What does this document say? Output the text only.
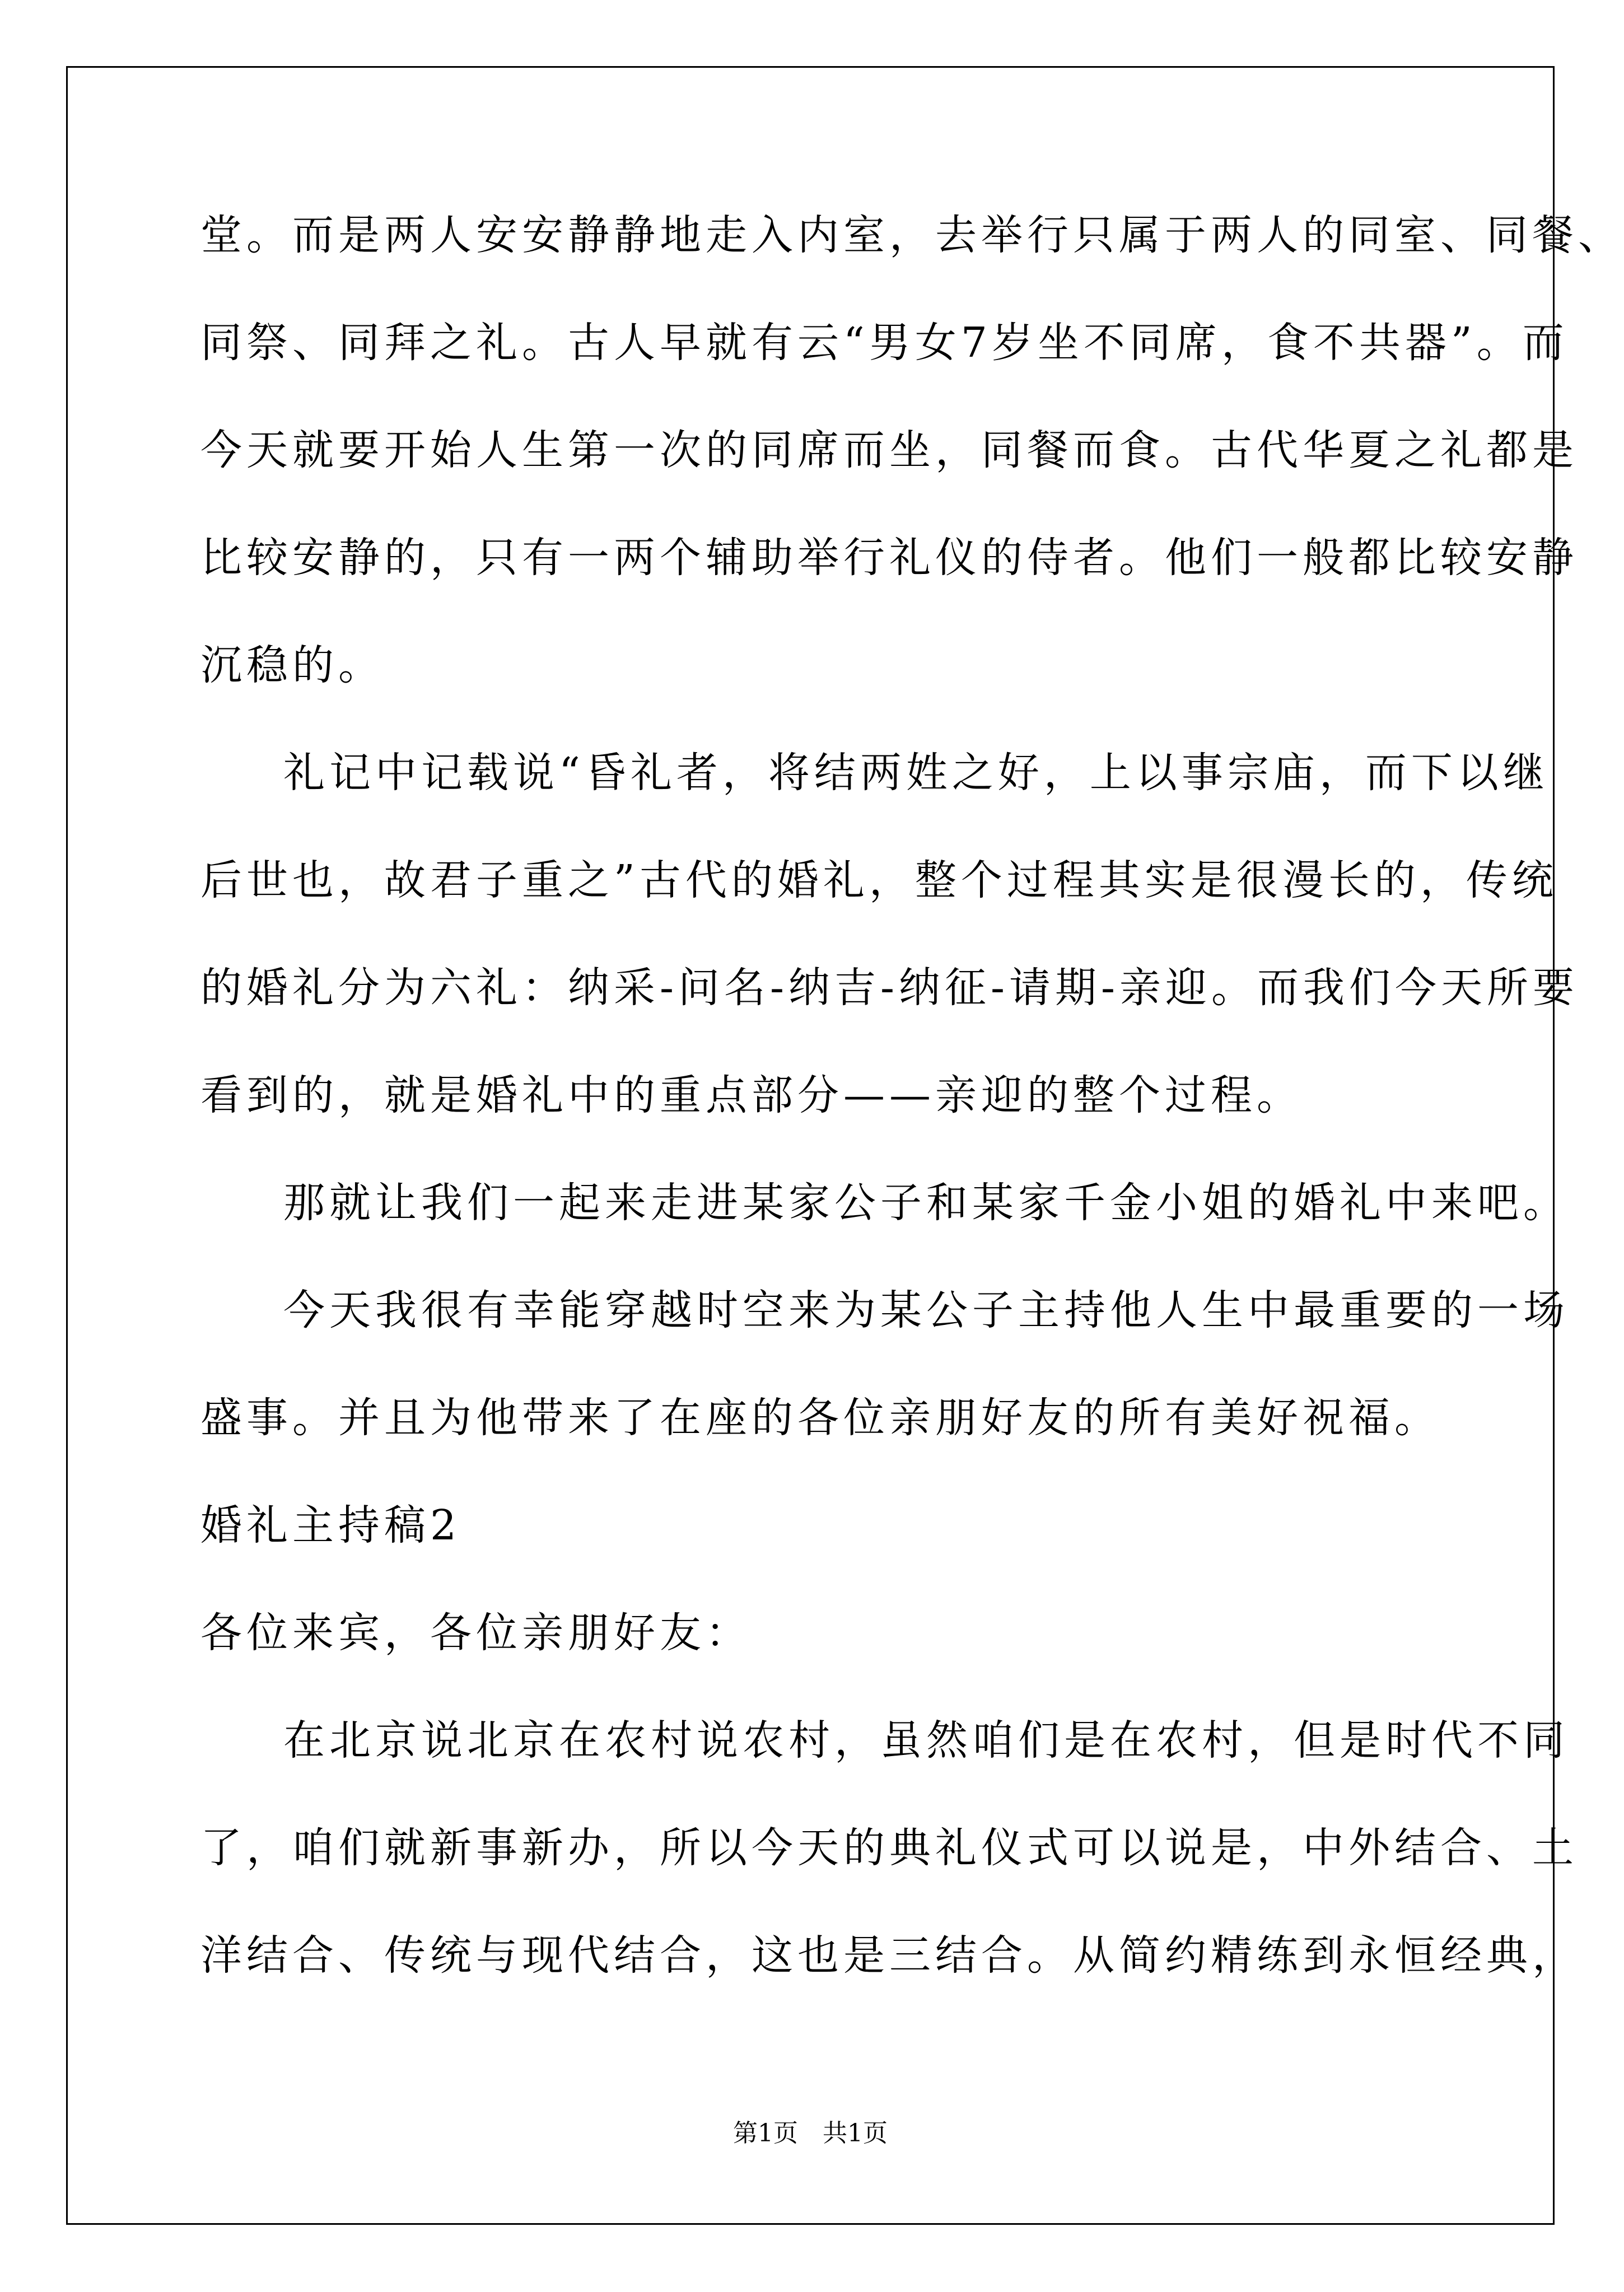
堂。而是两人安安静静地走入内室，去举行只属于两人的同室、同餐、
同祭、同拜之礼。古人早就有云“男女7岁坐不同席，食不共器”。而
今天就要开始人生第一次的同席而坐，同餐而食。古代华夏之礼都是
比较安静的，只有一两个辅助举行礼仪的侍者。他们一般都比较安静
沉稳的。
礼记中记载说“昏礼者，将结两姓之好，上以事宗庙，而下以继
后世也，故君子重之”古代的婚礼，整个过程其实是很漫长的，传统
的婚礼分为六礼：纳采-问名-纳吉-纳征-请期-亲迎。而我们今天所要
看到的，就是婚礼中的重点部分——亲迎的整个过程。
那就让我们一起来走进某家公子和某家千金小姐的婚礼中来吧。
今天我很有幸能穿越时空来为某公子主持他人生中最重要的一场
盛事。并且为他带来了在座的各位亲朋好友的所有美好祝福。
婚礼主持稿2
各位来宾，各位亲朋好友：
在北京说北京在农村说农村，虽然咱们是在农村，但是时代不同
了，咱们就新事新办，所以今天的典礼仪式可以说是，中外结合、土
洋结合、传统与现代结合，这也是三结合。从简约精练到永恒经典，
第1页　共1页
